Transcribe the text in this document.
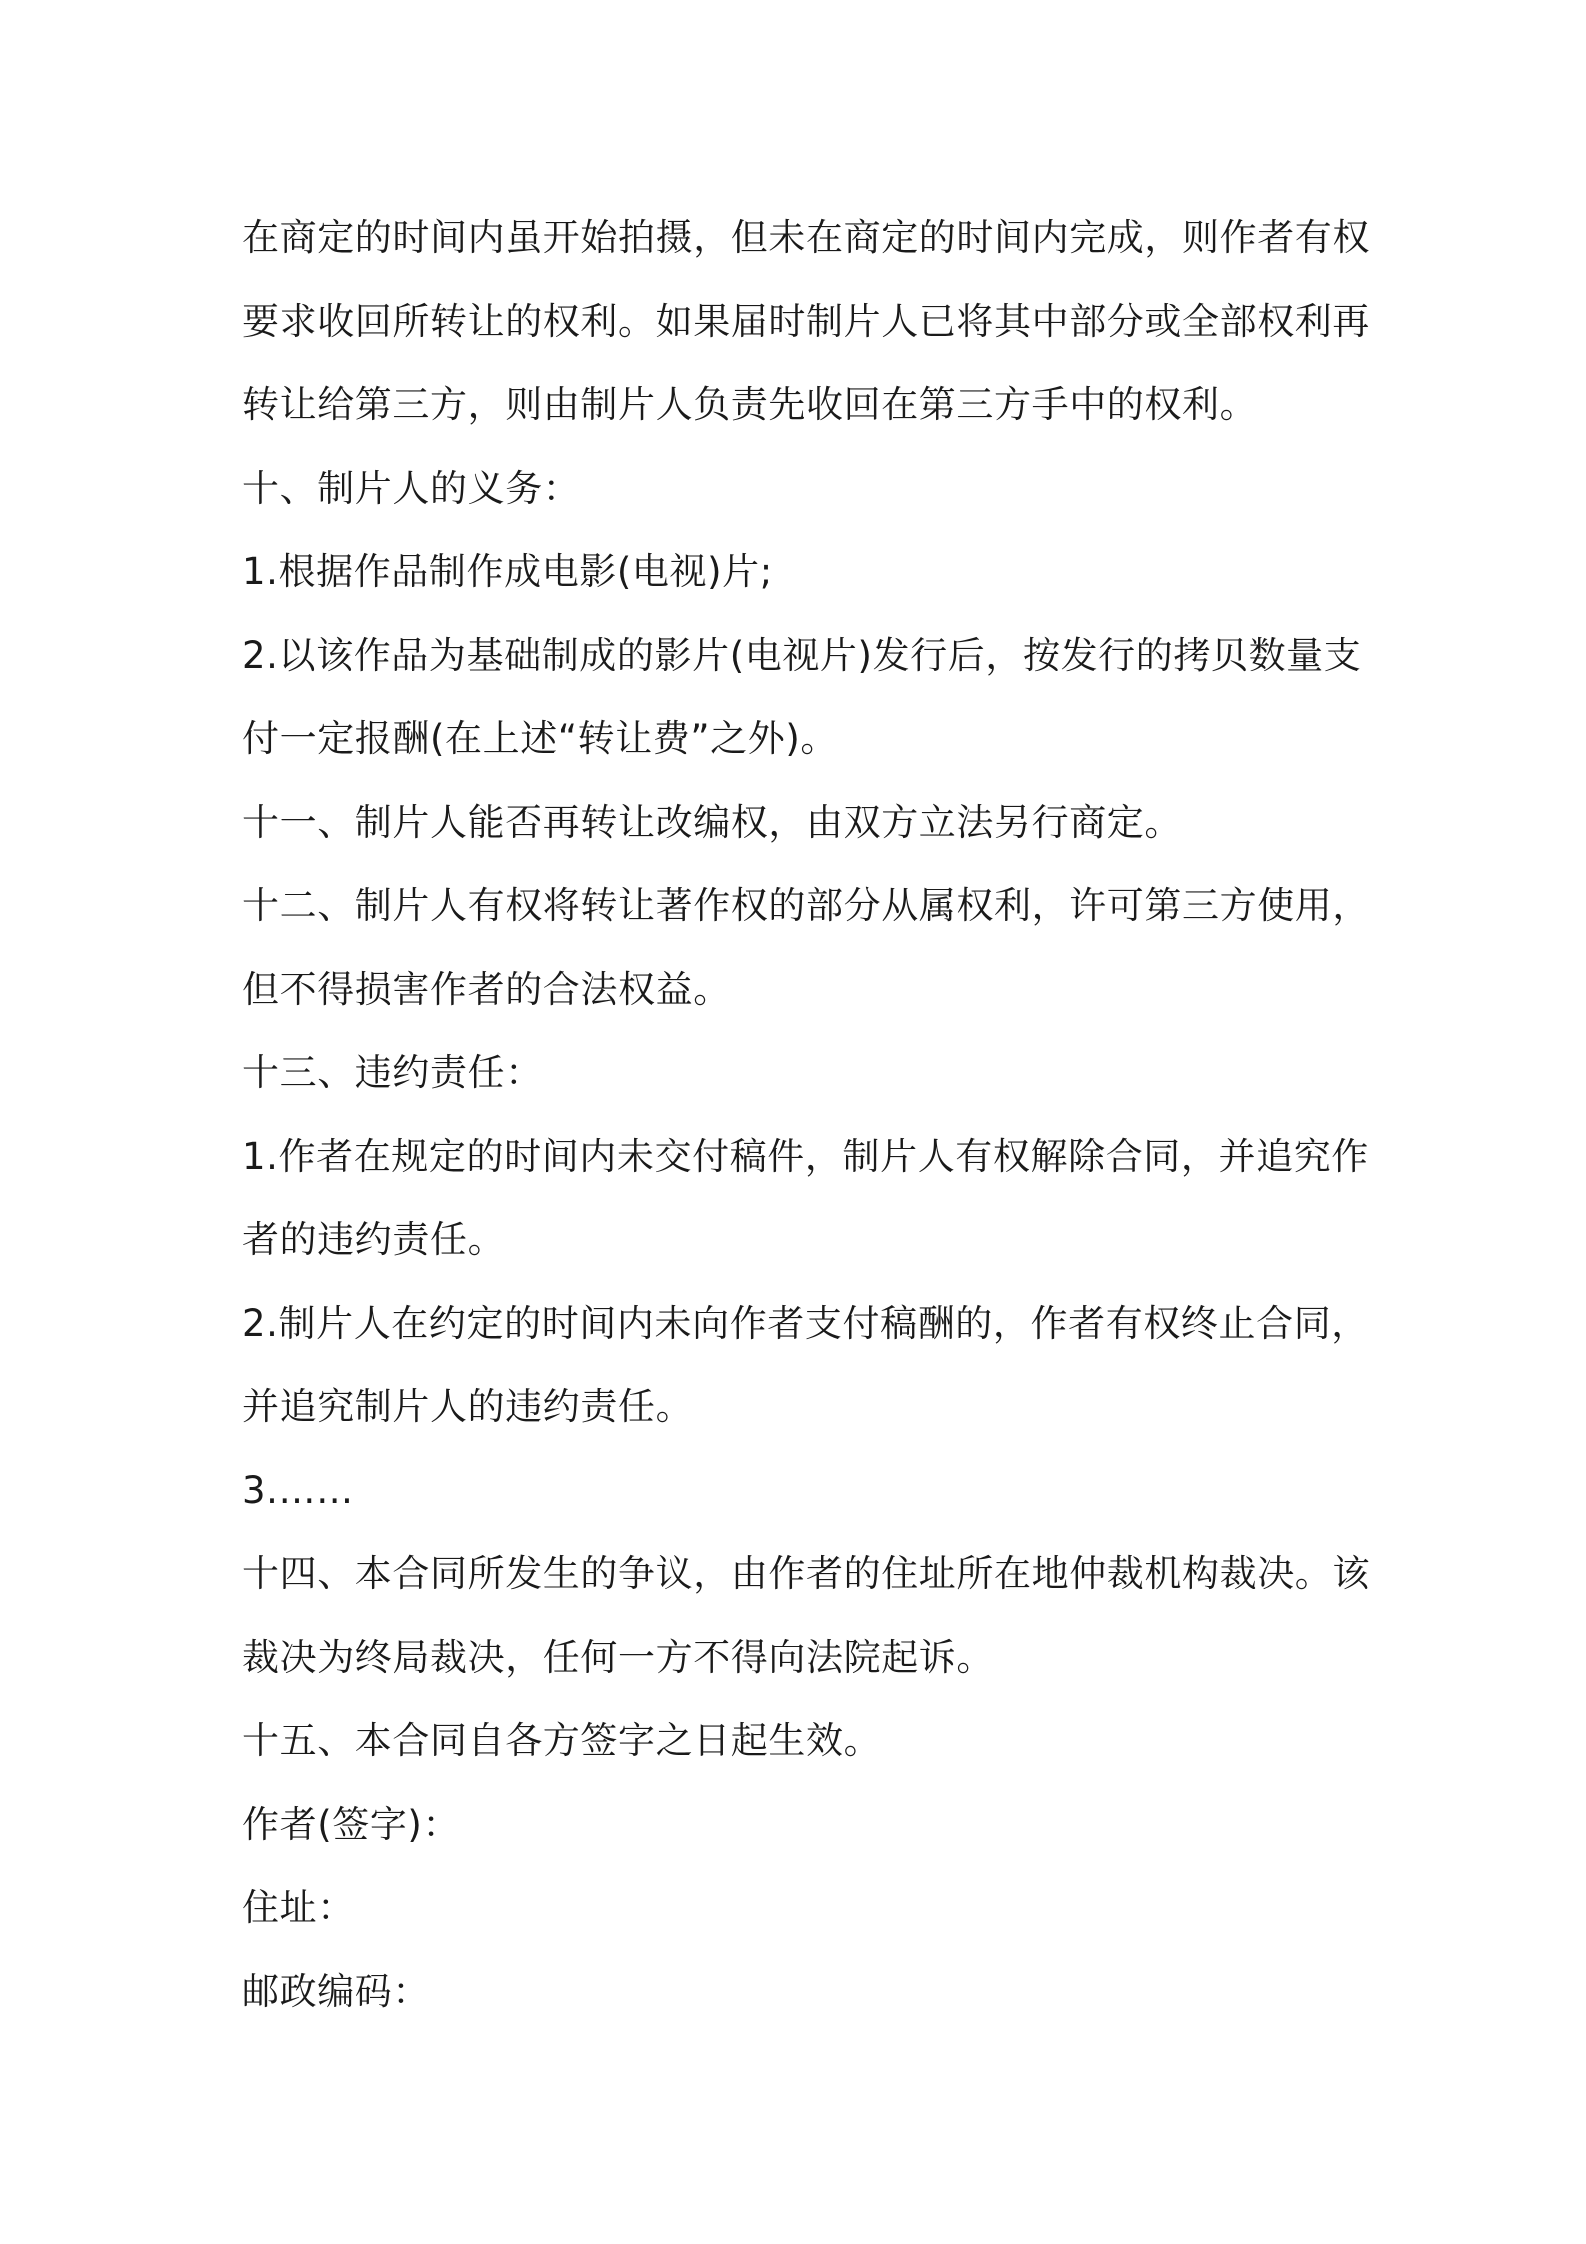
在商定的时间内虽开始拍摄，但未在商定的时间内完成，则作者有权
要求收回所转让的权利。如果届时制片人已将其中部分或全部权利再
转让给第三方，则由制片人负责先收回在第三方手中的权利。
十、制片人的义务：
1.根据作品制作成电影(电视)片;
2.以该作品为基础制成的影片(电视片)发行后，按发行的拷贝数量支
付一定报酬(在上述“转让费”之外)。
十一、制片人能否再转让改编权，由双方立法另行商定。
十二、制片人有权将转让著作权的部分从属权利，许可第三方使用，
但不得损害作者的合法权益。
十三、违约责任：
1.作者在规定的时间内未交付稿件，制片人有权解除合同，并追究作
者的违约责任。
2.制片人在约定的时间内未向作者支付稿酬的，作者有权终止合同，
并追究制片人的违约责任。
3.……
十四、本合同所发生的争议，由作者的住址所在地仲裁机构裁决。该
裁决为终局裁决，任何一方不得向法院起诉。
十五、本合同自各方签字之日起生效。
作者(签字)：
住址：
邮政编码：
